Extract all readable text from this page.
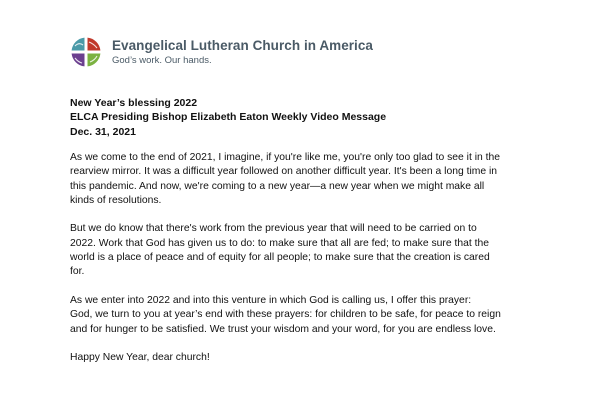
Evangelical Lutheran Church in America
God’s work. Our hands.
New Year’s blessing 2022
ELCA Presiding Bishop Elizabeth Eaton Weekly Video Message
Dec. 31, 2021

As we come to the end of 2021, I imagine, if you're like me, you're only too glad to see it in the
rearview mirror. It was a difficult year followed on another difficult year. It's been a long time in
this pandemic. And now, we're coming to a new year—a new year when we might make all
kinds of resolutions.

But we do know that there's work from the previous year that will need to be carried on to
2022. Work that God has given us to do: to make sure that all are fed; to make sure that the
world is a place of peace and of equity for all people; to make sure that the creation is cared
for.

As we enter into 2022 and into this venture in which God is calling us, I offer this prayer:
God, we turn to you at year’s end with these prayers: for children to be safe, for peace to reign
and for hunger to be satisfied. We trust your wisdom and your word, for you are endless love.

Happy New Year, dear church!
